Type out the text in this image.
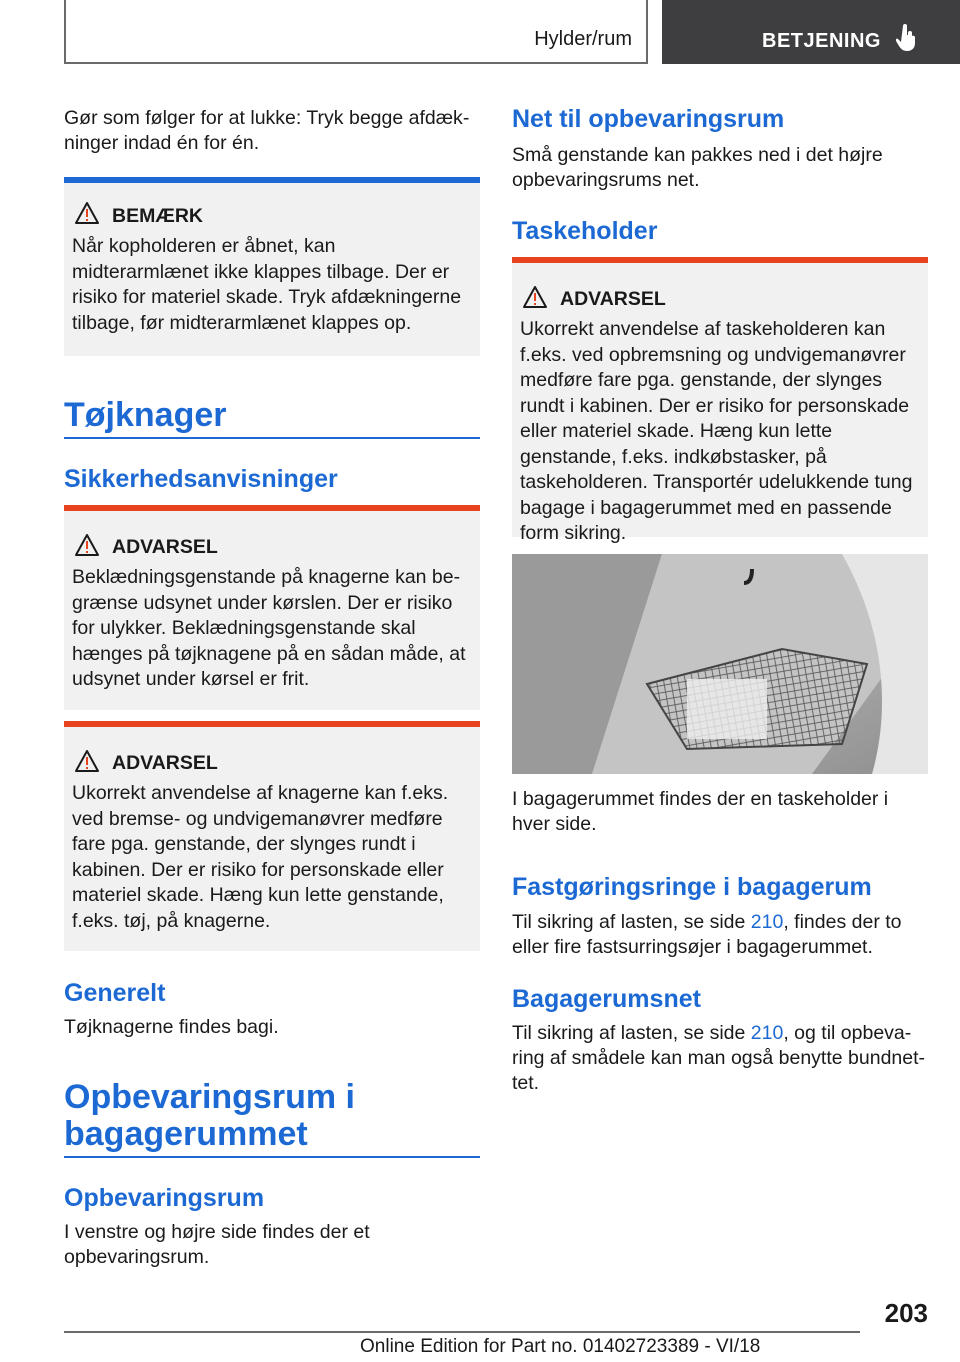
Hylder/rum	BETJENING

Gør som følger for at lukke: Tryk begge afdækninger indad én for én.

BEMÆRK

Når kopholderen er åbnet, kan midterarmlænet ikke klappes tilbage. Der er risiko for materiel skade. Tryk afdækningerne tilbage, før midterarmlænet klappes op.

Tøjknager
Sikkerhedsanvisninger
ADVARSEL

Beklædningsgenstande på knagerne kan begrænse udsynet under kørslen. Der er risiko for ulykker. Beklædningsgenstande skal hænges på tøjknagene på en sådan måde, at udsynet under kørsel er frit.

ADVARSEL

Ukorrekt anvendelse af knagerne kan f.eks. ved bremse- og undvigemanøvrer medføre fare pga. genstande, der slynges rundt i kabinen. Der er risiko for personskade eller materiel skade. Hæng kun lette genstande, f.eks. tøj, på knagerne.

Generelt

Tøjknagerne findes bagi.

Opbevaringsrum i
bagagerummet
Opbevaringsrum

I venstre og højre side findes der et opbevaringsrum.

Net til opbevaringsrum

Små genstande kan pakkes ned i det højre opbevaringsrums net.

Taskeholder
ADVARSEL

Ukorrekt anvendelse af taskeholderen kan f.eks. ved opbremsning og undvigemanøvrer medføre fare pga. genstande, der slynges rundt i kabinen. Der er risiko for personskade eller materiel skade. Hæng kun lette genstande, f.eks. indkøbstasker, på taskeholderen. Transportér udelukkende tung bagage i bagagerummet med en passende form sikring.

I bagagerummet findes der en taskeholder i hver side.

Fastgøringsringe i bagagerum

Til sikring af lasten, se side 210, findes der to eller fire fastsurringsøjer i bagagerummet.

Bagagerumsnet

Til sikring af lasten, se side 210, og til opbevaring af smådele kan man også benytte bundnettet.

203
Online Edition for Part no. 01402723389 - VI/18
